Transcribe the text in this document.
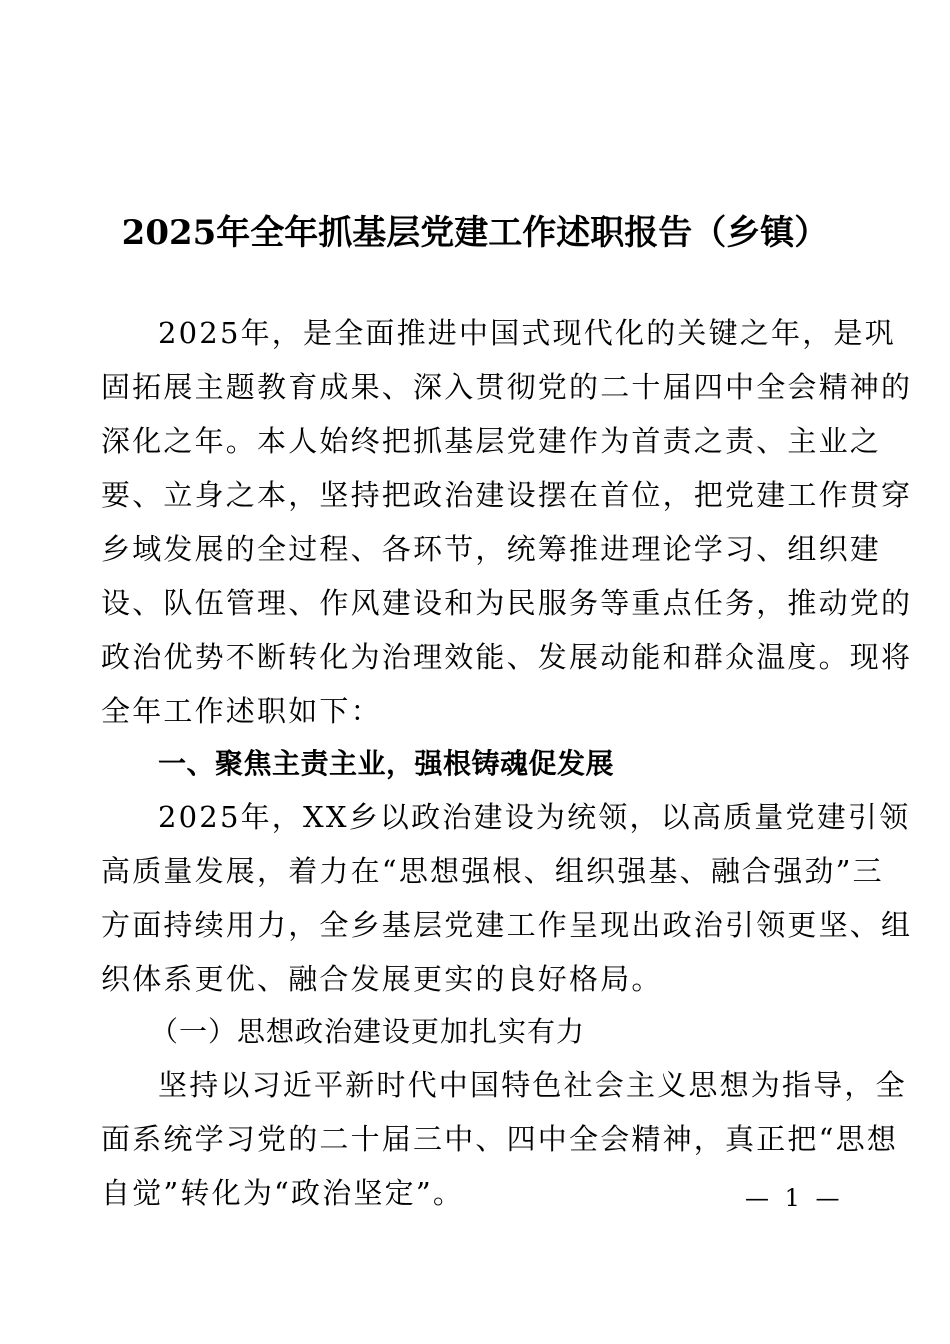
2025年全年抓基层党建工作述职报告（乡镇）
2025年，是全面推进中国式现代化的关键之年，是巩
固拓展主题教育成果、深入贯彻党的二十届四中全会精神的
深化之年。本人始终把抓基层党建作为首责之责、主业之
要、立身之本，坚持把政治建设摆在首位，把党建工作贯穿
乡域发展的全过程、各环节，统筹推进理论学习、组织建
设、队伍管理、作风建设和为民服务等重点任务，推动党的
政治优势不断转化为治理效能、发展动能和群众温度。现将
全年工作述职如下：
一、聚焦主责主业，强根铸魂促发展
2025年，XX乡以政治建设为统领，以高质量党建引领
高质量发展，着力在“思想强根、组织强基、融合强劲”三
方面持续用力，全乡基层党建工作呈现出政治引领更坚、组
织体系更优、融合发展更实的良好格局。
（一）思想政治建设更加扎实有力
坚持以习近平新时代中国特色社会主义思想为指导，全
面系统学习党的二十届三中、四中全会精神，真正把“思想
自觉”转化为“政治坚定”。	— 1 —
